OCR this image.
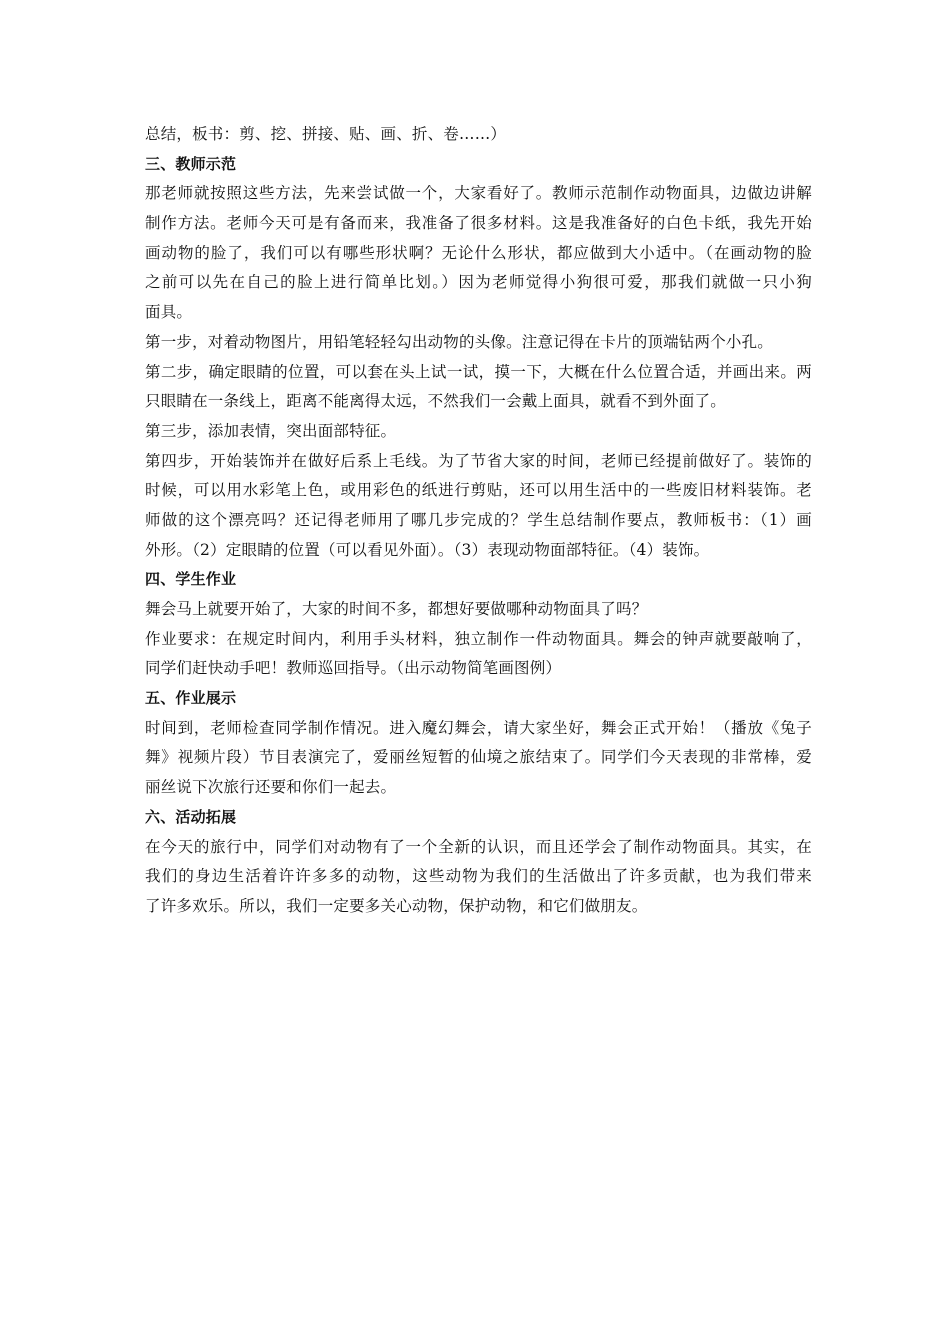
总结，板书：剪、挖、拼接、贴、画、折、卷……）
三、教师示范
那老师就按照这些方法，先来尝试做一个，大家看好了。教师示范制作动物面具，边做边讲解
制作方法。老师今天可是有备而来，我准备了很多材料。这是我准备好的白色卡纸，我先开始
画动物的脸了，我们可以有哪些形状啊？无论什么形状，都应做到大小适中。（在画动物的脸
之前可以先在自己的脸上进行简单比划。）因为老师觉得小狗很可爱，那我们就做一只小狗
面具。
第一步，对着动物图片，用铅笔轻轻勾出动物的头像。注意记得在卡片的顶端钻两个小孔。
第二步，确定眼睛的位置，可以套在头上试一试，摸一下，大概在什么位置合适，并画出来。两
只眼睛在一条线上，距离不能离得太远，不然我们一会戴上面具，就看不到外面了。
第三步，添加表情，突出面部特征。
第四步，开始装饰并在做好后系上毛线。为了节省大家的时间，老师已经提前做好了。装饰的
时候，可以用水彩笔上色，或用彩色的纸进行剪贴，还可以用生活中的一些废旧材料装饰。老
师做的这个漂亮吗？还记得老师用了哪几步完成的？学生总结制作要点，教师板书：（1）画
外形。（2）定眼睛的位置（可以看见外面）。（3）表现动物面部特征。（4）装饰。
四、学生作业
舞会马上就要开始了，大家的时间不多，都想好要做哪种动物面具了吗？
作业要求：在规定时间内，利用手头材料，独立制作一件动物面具。舞会的钟声就要敲响了，
同学们赶快动手吧！教师巡回指导。（出示动物简笔画图例）
五、作业展示
时间到，老师检查同学制作情况。进入魔幻舞会，请大家坐好，舞会正式开始！（播放《兔子
舞》视频片段）节目表演完了，爱丽丝短暂的仙境之旅结束了。同学们今天表现的非常棒，爱
丽丝说下次旅行还要和你们一起去。
六、活动拓展
在今天的旅行中，同学们对动物有了一个全新的认识，而且还学会了制作动物面具。其实，在
我们的身边生活着许许多多的动物，这些动物为我们的生活做出了许多贡献，也为我们带来
了许多欢乐。所以，我们一定要多关心动物，保护动物，和它们做朋友。
